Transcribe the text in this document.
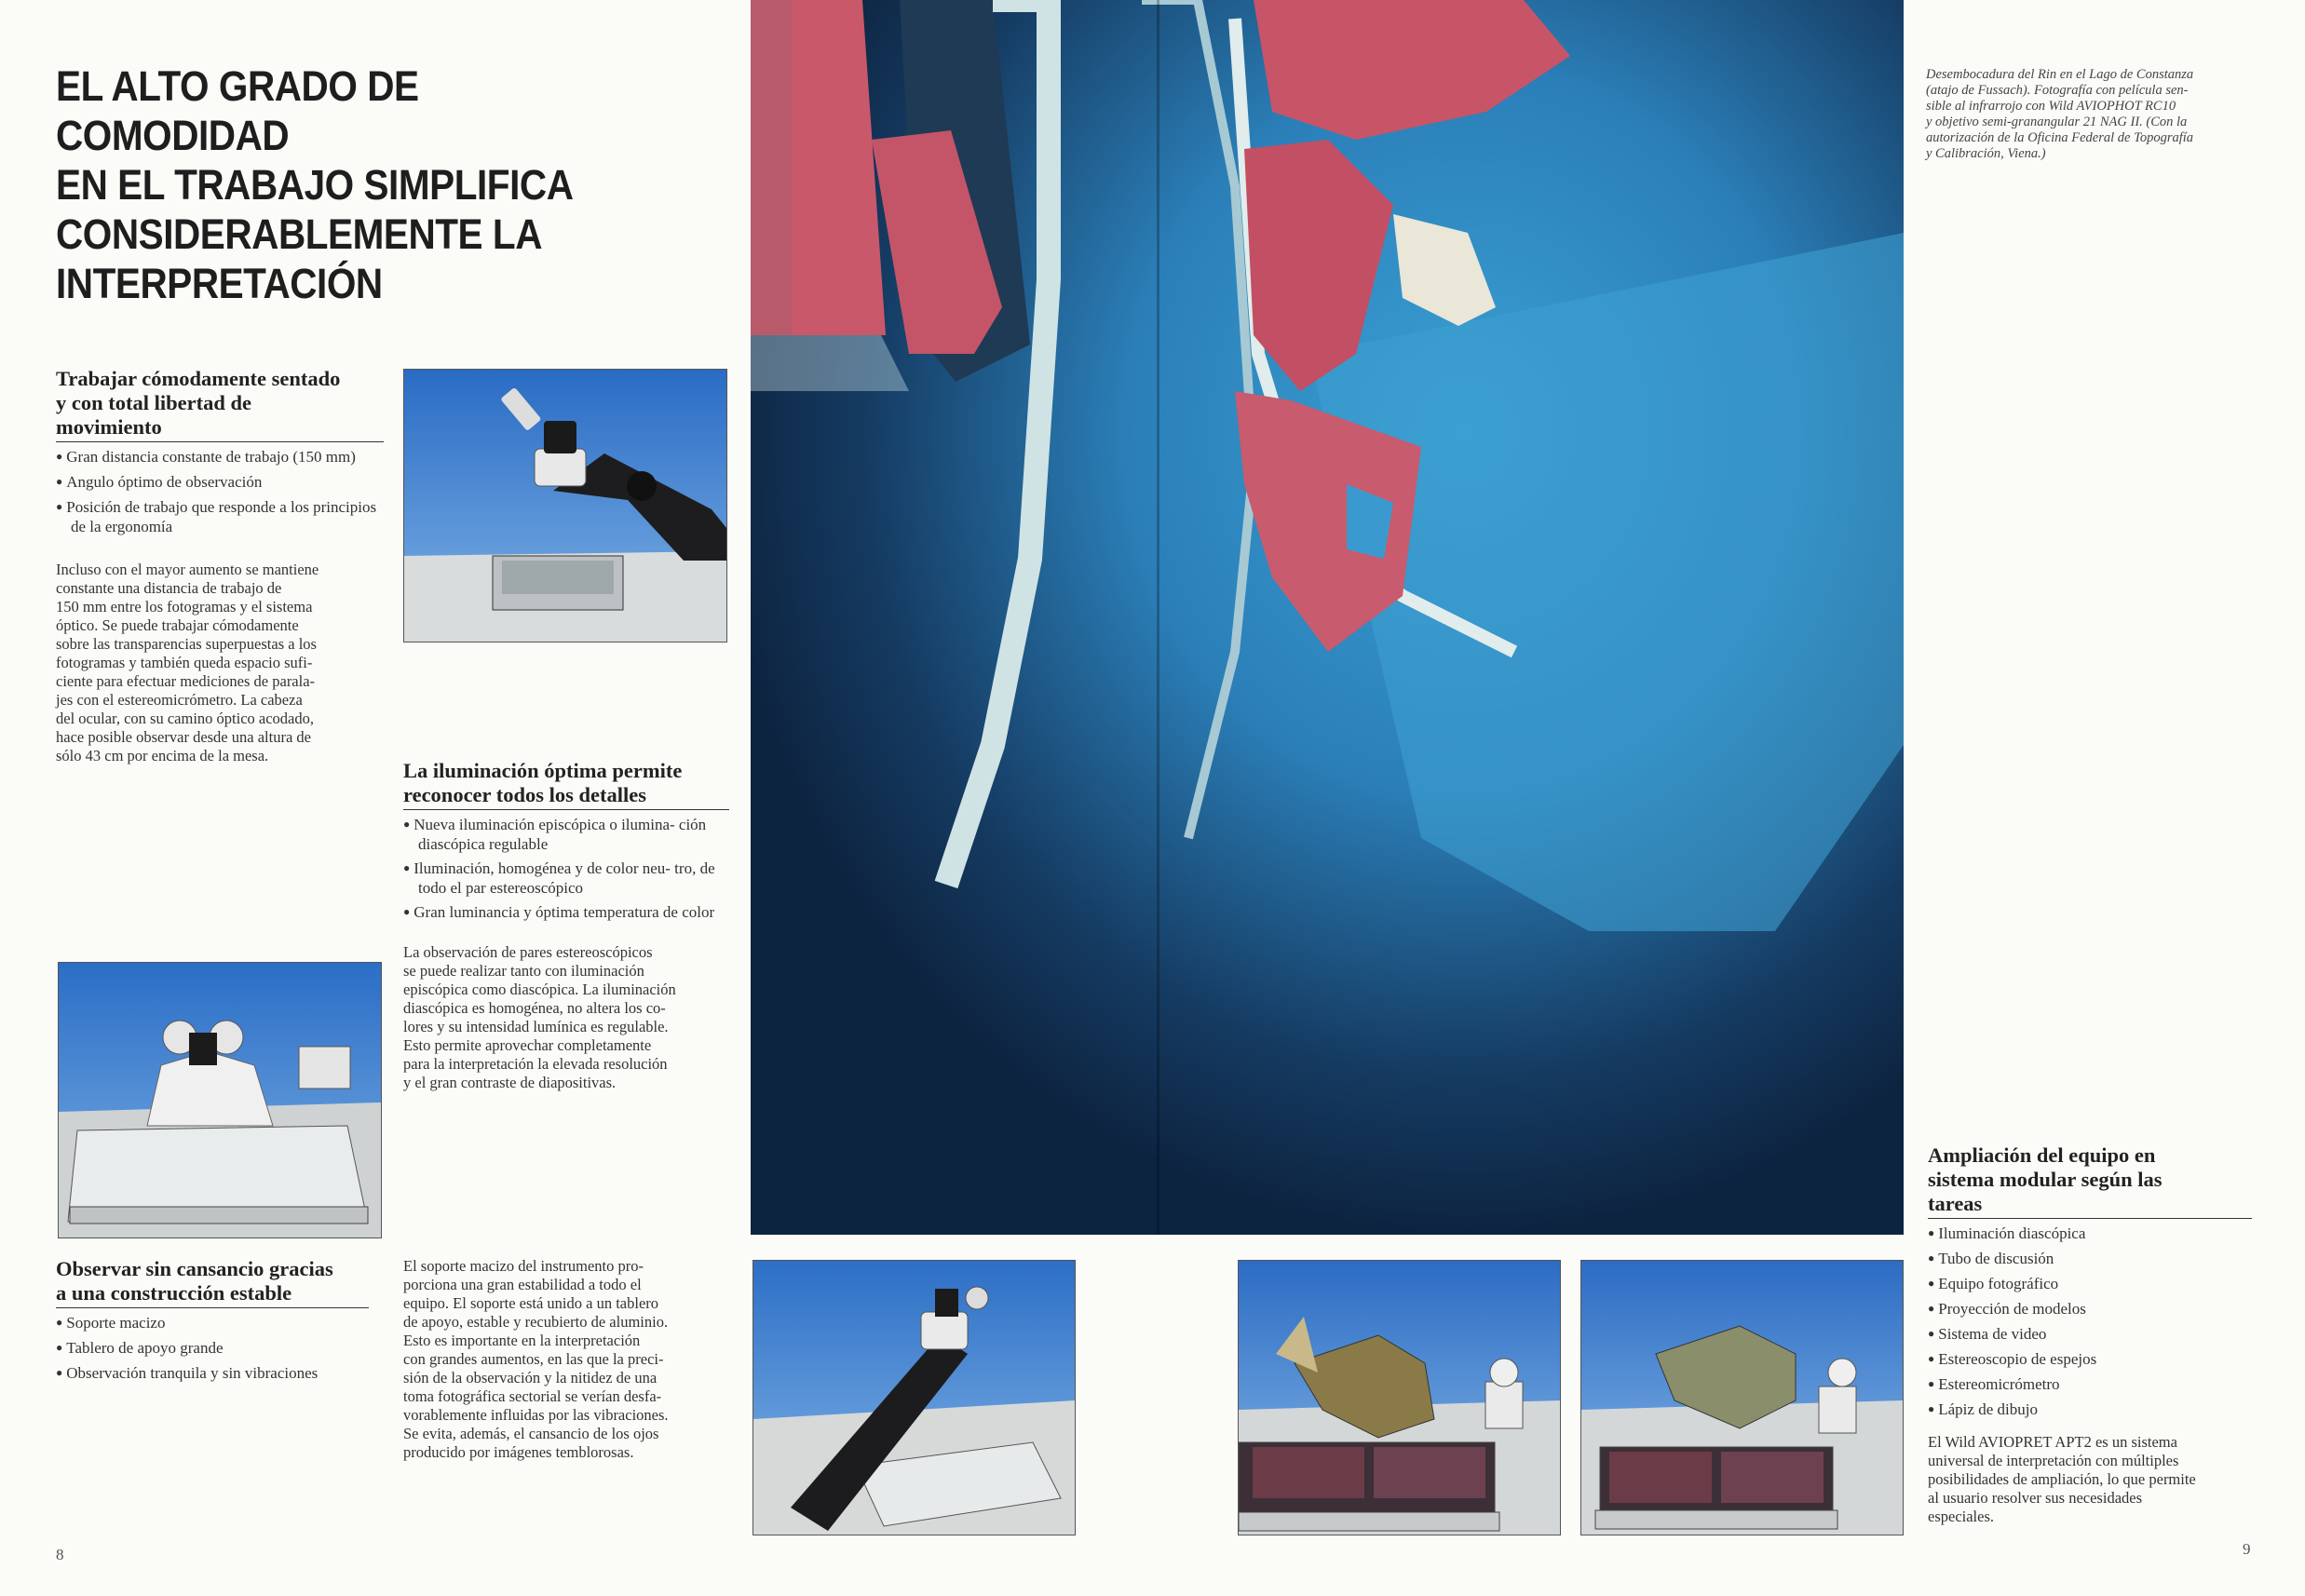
EL ALTO GRADO DE COMODIDAD
EN EL TRABAJO SIMPLIFICA
CONSIDERABLEMENTE LA
INTERPRETACIÓN
Trabajar cómodamente sentado
y con total libertad de
movimiento
● Gran distancia constante de trabajo (150 mm)
● Angulo óptimo de observación
● Posición de trabajo que responde a los principios de la ergonomía
Incluso con el mayor aumento se mantiene
constante una distancia de trabajo de
150 mm entre los fotogramas y el sistema
óptico. Se puede trabajar cómodamente
sobre las transparencias superpuestas a los
fotogramas y también queda espacio sufi-
ciente para efectuar mediciones de parala-
jes con el estereomicrómetro. La cabeza
del ocular, con su camino óptico acodado,
hace posible observar desde una altura de
sólo 43 cm por encima de la mesa.
La iluminación óptima permite
reconocer todos los detalles
● Nueva iluminación episcópica o ilumina- ción diascópica regulable
● Iluminación, homogénea y de color neu- tro, de todo el par estereoscópico
● Gran luminancia y óptima temperatura de color
La observación de pares estereoscópicos
se puede realizar tanto con iluminación
episcópica como diascópica. La iluminación
diascópica es homogénea, no altera los co-
lores y su intensidad lumínica es regulable.
Esto permite aprovechar completamente
para la interpretación la elevada resolución
y el gran contraste de diapositivas.
Observar sin cansancio gracias
a una construcción estable
● Soporte macizo
● Tablero de apoyo grande
● Observación tranquila y sin vibraciones
El soporte macizo del instrumento pro-
porciona una gran estabilidad a todo el
equipo. El soporte está unido a un tablero
de apoyo, estable y recubierto de aluminio.
Esto es importante en la interpretación
con grandes aumentos, en las que la preci-
sión de la observación y la nitidez de una
toma fotográfica sectorial se verían desfa-
vorablemente influidas por las vibraciones.
Se evita, además, el cansancio de los ojos
producido por imágenes temblorosas.
8
Desembocadura del Rin en el Lago de Constanza
(atajo de Fussach). Fotografía con película sen-
sible al infrarrojo con Wild AVIOPHOT RC10
y objetivo semi-granangular 21 NAG II. (Con la
autorización de la Oficina Federal de Topografía
y Calibración, Viena.)
Ampliación del equipo en
sistema modular según las
tareas
● Iluminación diascópica
● Tubo de discusión
● Equipo fotográfico
● Proyección de modelos
● Sistema de video
● Estereoscopio de espejos
● Estereomicrómetro
● Lápiz de dibujo
El Wild AVIOPRET APT2 es un sistema
universal de interpretación con múltiples
posibilidades de ampliación, lo que permite
al usuario resolver sus necesidades
especiales.
9
